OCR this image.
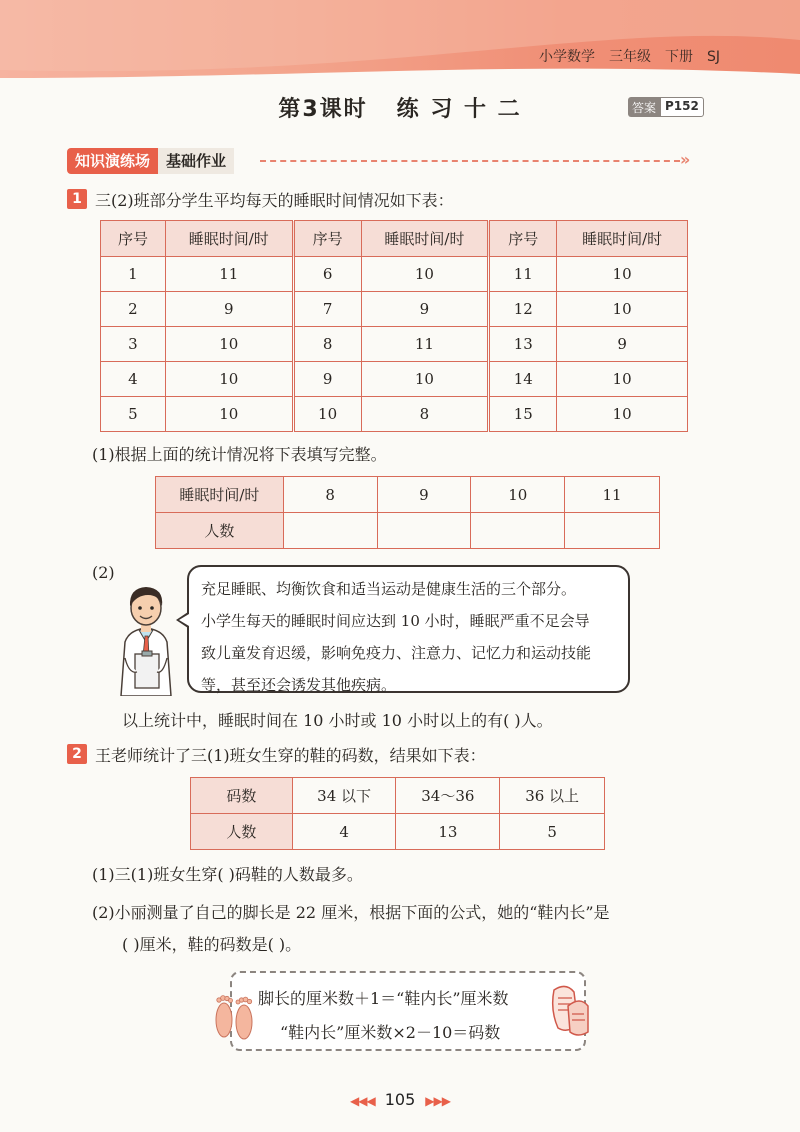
小学数学 三年级 下册 SJ
第3课时 练 习 十 二	答案 P152
知识演练场	基础作业	»
1 三(2)班部分学生平均每天的睡眠时间情况如下表：
序号	睡眠时间/时	序号	睡眠时间/时	序号	睡眠时间/时
1	11	6	10	11	10
2	9	7	9	12	10
3	10	8	11	13	9
4	10	9	10	14	10
5	10	10	8	15	10
(1)根据上面的统计情况将下表填写完整。
睡眠时间/时	8	9	10	11
人数				
(2)
充足睡眠、均衡饮食和适当运动是健康生活的三个部分。
小学生每天的睡眠时间应达到 10 小时，睡眠严重不足会导
致儿童发育迟缓，影响免疫力、注意力、记忆力和运动技能
等，甚至还会诱发其他疾病。
以上统计中，睡眠时间在 10 小时或 10 小时以上的有( )人。
2 王老师统计了三(1)班女生穿的鞋的码数，结果如下表：
码数	34 以下	34～36	36 以上
人数	4	13	5
(1)三(1)班女生穿( )码鞋的人数最多。
(2)小丽测量了自己的脚长是 22 厘米，根据下面的公式，她的“鞋内长”是
( )厘米，鞋的码数是( )。
脚长的厘米数＋1＝“鞋内长”厘米数
“鞋内长”厘米数×2－10＝码数
◀◀◀ 105 ▶▶▶
